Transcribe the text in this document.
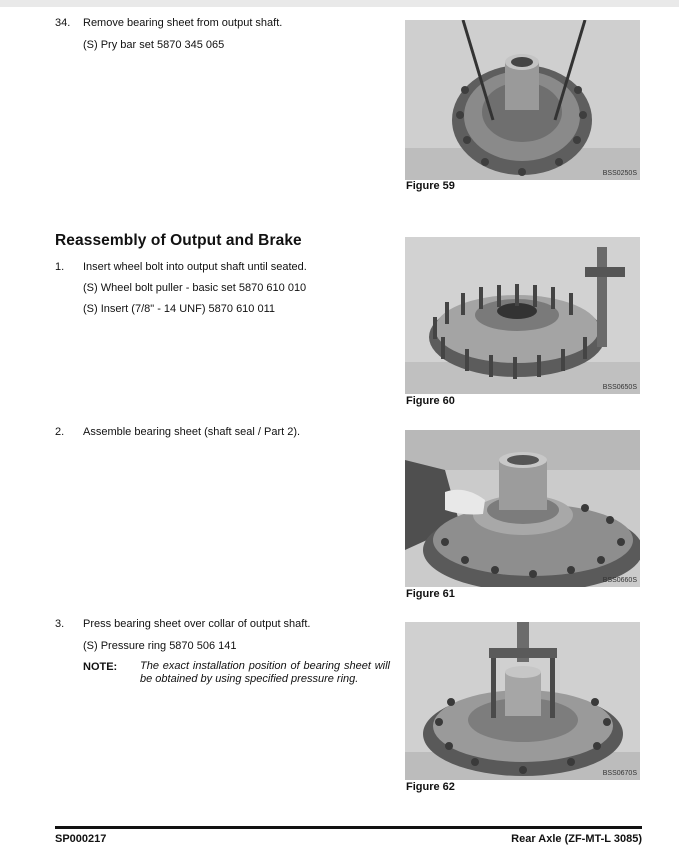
34. Remove bearing sheet from output shaft.
(S) Pry bar set 5870 345 065
BSS0250S
Figure 59
Reassembly of Output and Brake
1. Insert wheel bolt into output shaft until seated.
(S) Wheel bolt puller - basic set 5870 610 010
(S) Insert (7/8" - 14 UNF) 5870 610 011
BSS0650S
Figure 60
2. Assemble bearing sheet (shaft seal / Part 2).
BSS0660S
Figure 61
3. Press bearing sheet over collar of output shaft.
(S) Pressure ring 5870 506 141
NOTE: The exact installation position of bearing sheet will be obtained by using specified pressure ring.
BSS0670S
Figure 62
SP000217	Rear Axle (ZF-MT-L 3085)
